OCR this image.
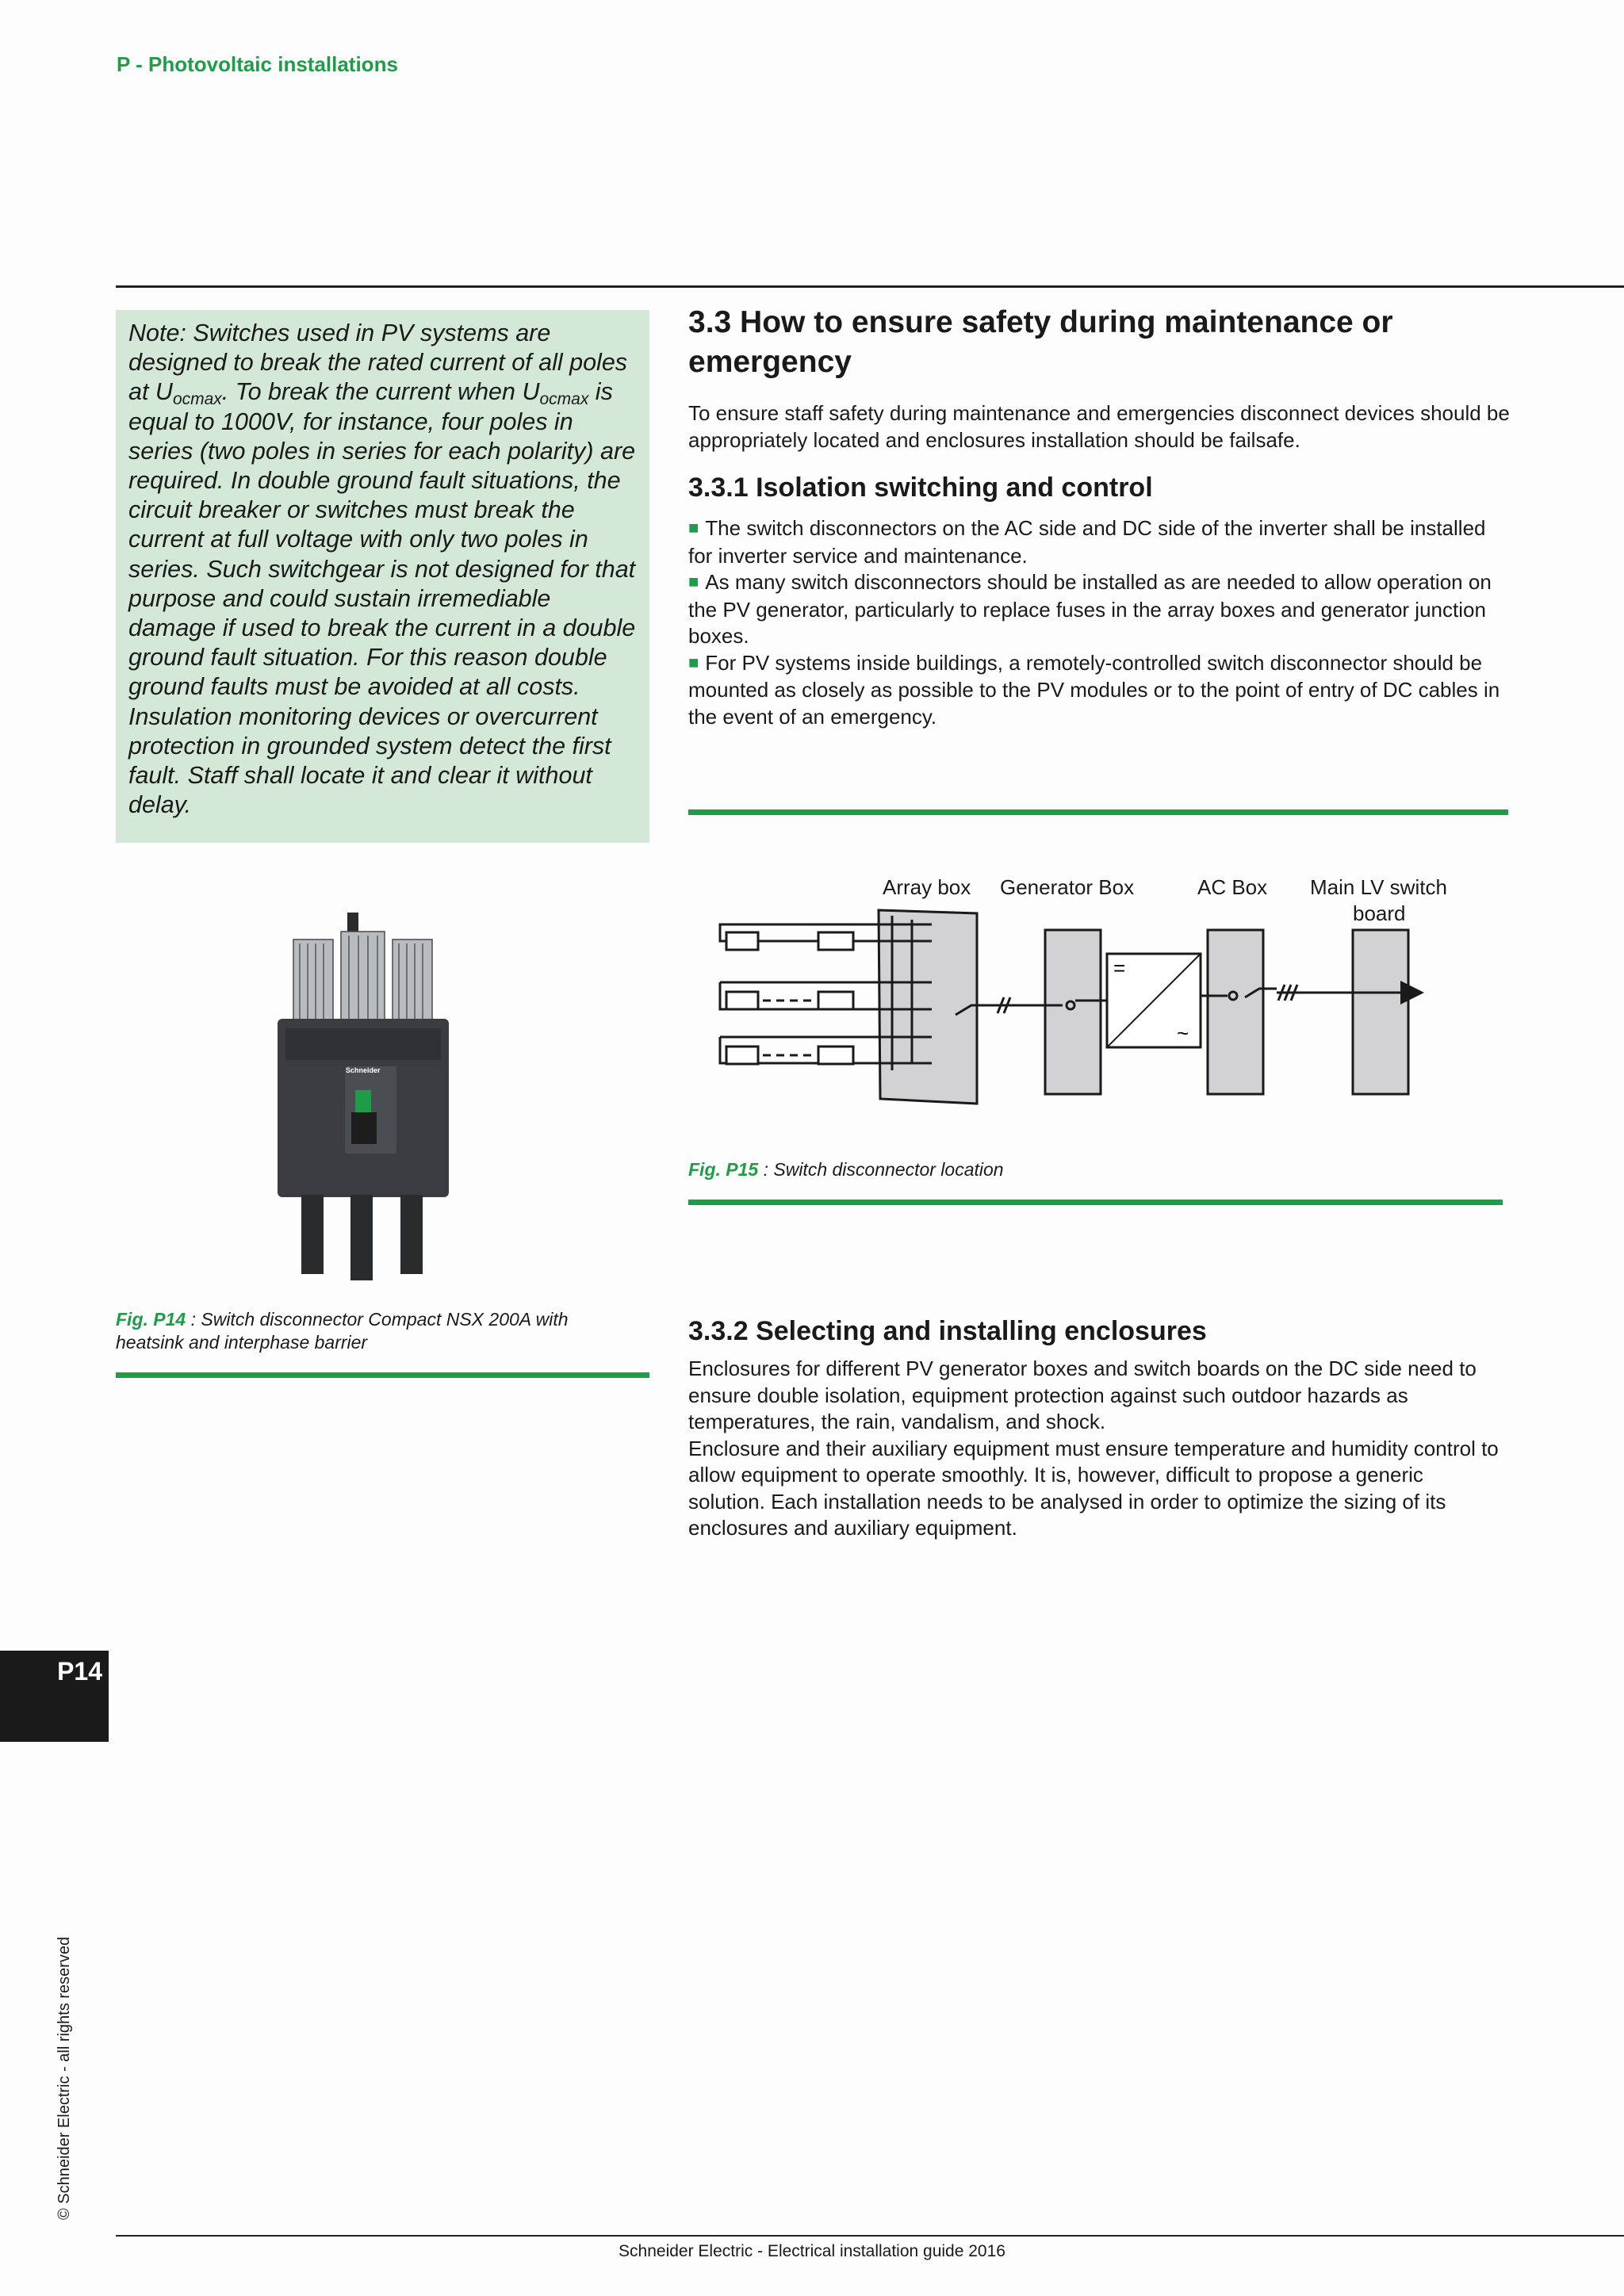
P - Photovoltaic installations

Note: Switches used in PV systems are designed to break the rated current of all poles at $U_{ocmax}$. To break the current when $U_{ocmax}$ is equal to 1000V, for instance, four poles in series (two poles in series for each polarity) are required. In double ground fault situations, the circuit breaker or switches must break the current at full voltage with only two poles in series. Such switchgear is not designed for that purpose and could sustain irremediable damage if used to break the current in a double ground fault situation. For this reason double ground faults must be avoided at all costs. Insulation monitoring devices or overcurrent protection in grounded system detect the first fault. Staff shall locate it and clear it without delay.

3.3 How to ensure safety during maintenance or emergency

To ensure staff safety during maintenance and emergencies disconnect devices should be appropriately located and enclosures installation should be failsafe.

3.3.1 Isolation switching and control

■ The switch disconnectors on the AC side and DC side of the inverter shall be installed for inverter service and maintenance.

■ As many switch disconnectors should be installed as are needed to allow operation on the PV generator, particularly to replace fuses in the array boxes and generator junction boxes.

■ For PV systems inside buildings, a remotely-controlled switch disconnector should be mounted as closely as possible to the PV modules or to the point of entry of DC cables in the event of an emergency.

Array box Generator Box	AC Box Main LV switch
board
=
~

Fig. P15 : Switch disconnector location

Schneider

Fig. P14 : Switch disconnector Compact NSX 200A with heatsink and interphase barrier	3.3.2 Selecting and installing enclosures

Enclosures for different PV generator boxes and switch boards on the DC side need to ensure double isolation, equipment protection against such outdoor hazards as temperatures, the rain, vandalism, and shock.

Enclosure and their auxiliary equipment must ensure temperature and humidity control to allow equipment to operate smoothly. It is, however, difficult to propose a generic solution. Each installation needs to be analysed in order to optimize the sizing of its enclosures and auxiliary equipment.

P14
© Schneider Electric - all rights reserved
Schneider Electric - Electrical installation guide 2016
